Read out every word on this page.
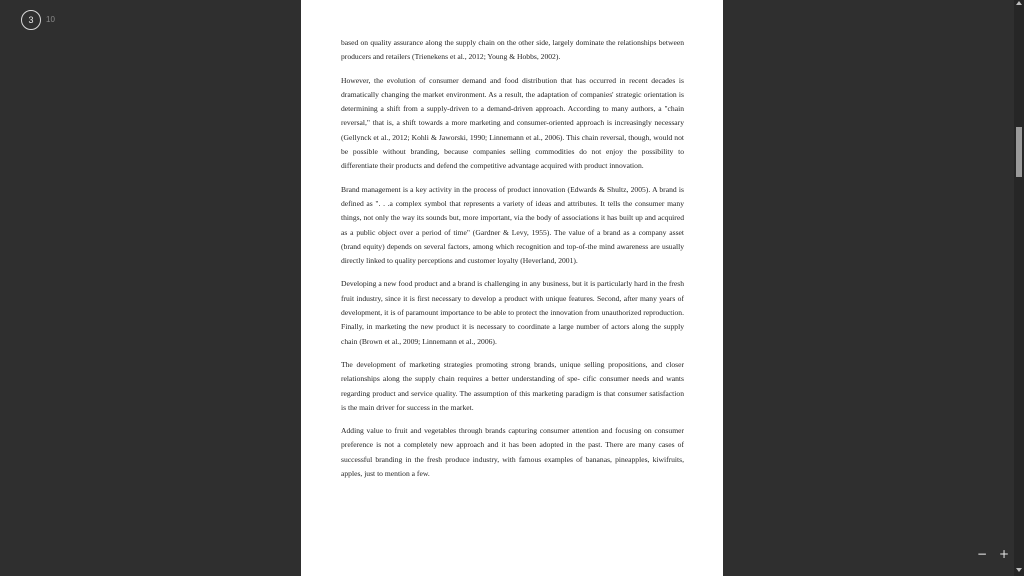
3 10

based on quality assurance along the supply chain on the other side, largely dominate the relationships between producers and retailers (Trienekens et al., 2012; Young & Hobbs, 2002).

However, the evolution of consumer demand and food distribution that has occurred in recent decades is dramatically changing the market environment. As a result, the adaptation of companies' strategic orientation is determining a shift from a supply-driven to a demand-driven approach. According to many authors, a "chain reversal," that is, a shift towards a more marketing and consumer-oriented approach is increasingly necessary (Gellynck et al., 2012; Kohli & Jaworski, 1990; Linnemann et al., 2006). This chain reversal, though, would not be possible without branding, because companies selling commodities do not enjoy the possibility to differentiate their products and defend the competitive advantage acquired with product innovation.

Brand management is a key activity in the process of product innovation (Edwards & Shultz, 2005). A brand is defined as ". . .a complex symbol that represents a variety of ideas and attributes. It tells the consumer many things, not only the way its sounds but, more important, via the body of associations it has built up and acquired as a public object over a period of time" (Gardner & Levy, 1955). The value of a brand as a company asset (brand equity) depends on several factors, among which recognition and top-of-the mind awareness are usually directly linked to quality perceptions and customer loyalty (Heverland, 2001).

Developing a new food product and a brand is challenging in any business, but it is particularly hard in the fresh fruit industry, since it is first necessary to develop a product with unique features. Second, after many years of development, it is of paramount importance to be able to protect the innovation from unauthorized reproduction. Finally, in marketing the new product it is necessary to coordinate a large number of actors along the supply chain (Brown et al., 2009; Linnemann et al., 2006).

The development of marketing strategies promoting strong brands, unique selling propositions, and closer relationships along the supply chain requires a better understanding of spe- cific consumer needs and wants regarding product and service quality. The assumption of this marketing paradigm is that consumer satisfaction is the main driver for success in the market.

Adding value to fruit and vegetables through brands capturing consumer attention and focusing on consumer preference is not a completely new approach and it has been adopted in the past. There are many cases of successful branding in the fresh produce industry, with famous examples of bananas, pineapples, kiwifruits, apples, just to mention a few.

− +
